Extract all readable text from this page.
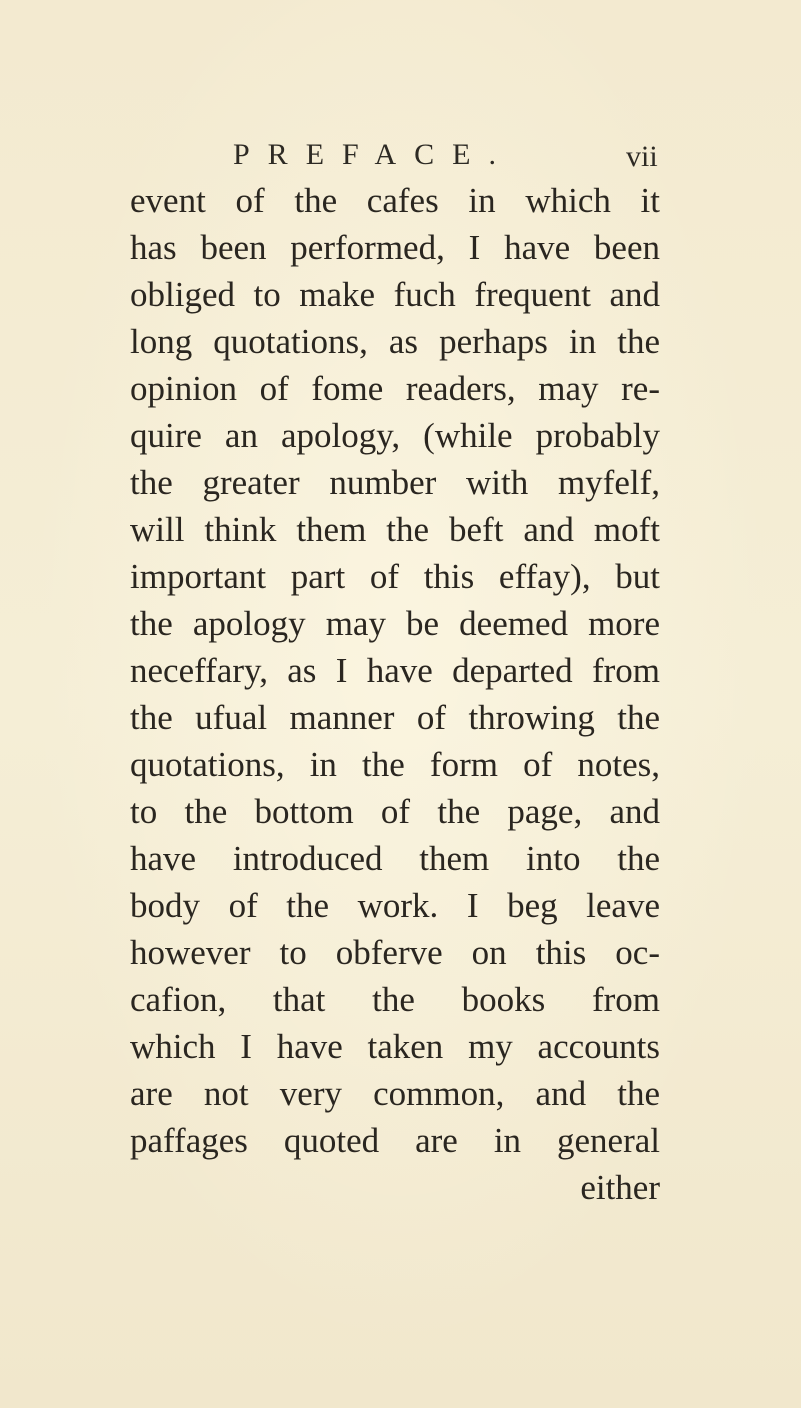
PREFACE.	vii
event of the cafes in which it
has been performed, I have been
obliged to make fuch frequent and
long quotations, as perhaps in the
opinion of fome readers, may re-
quire an apology, (while probably
the greater number with myfelf,
will think them the beft and moft
important part of this effay), but
the apology may be deemed more
neceffary, as I have departed from
the ufual manner of throwing the
quotations, in the form of notes,
to the bottom of the page, and
have introduced them into the
body of the work. I beg leave
however to obferve on this oc-
cafion, that the books from
which I have taken my accounts
are not very common, and the
paffages quoted are in general
either
